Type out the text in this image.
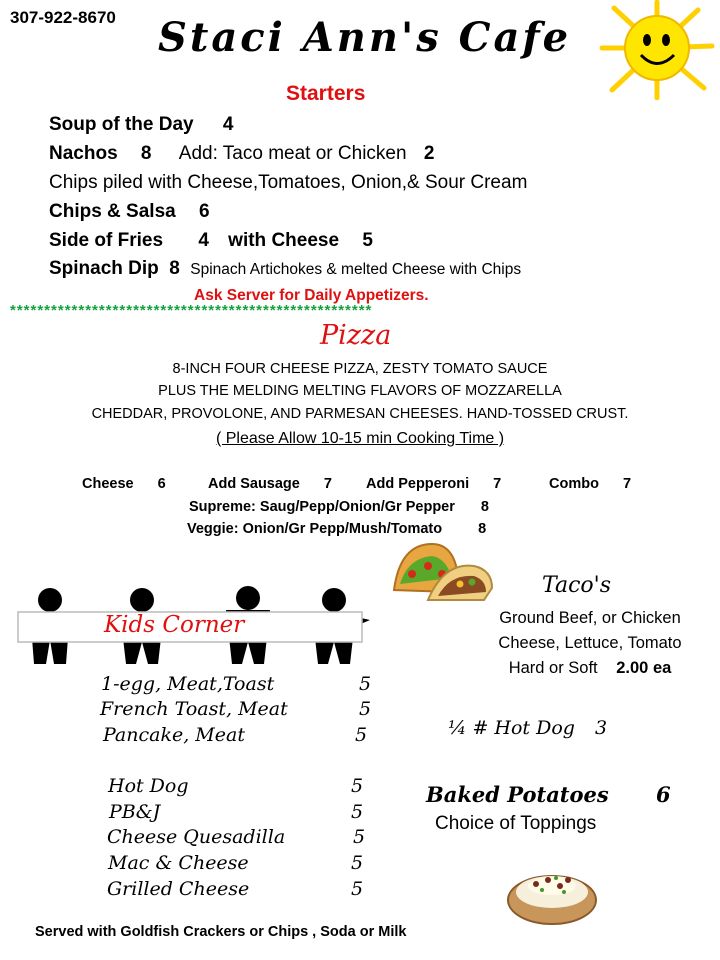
307-922-8670 Staci Ann's Cafe
Starters
Soup of the Day 4
Nachos 8 Add: Taco meat or Chicken 2
Chips piled with Cheese,Tomatoes, Onion,& Sour Cream
Chips & Salsa 6
Side of Fries 4 with Cheese 5
Spinach Dip 8 Spinach Artichokes & melted Cheese with Chips
Ask Server for Daily Appetizers.
*****************************************************
Pizza
8-INCH FOUR CHEESE PIZZA, ZESTY TOMATO SAUCE
PLUS THE MELDING MELTING FLAVORS OF MOZZARELLA
CHEDDAR, PROVOLONE, AND PARMESAN CHEESES. HAND-TOSSED CRUST.
( Please Allow 10-15 min Cooking Time )
Cheese 6	Add Sausage 7 Add Pepperoni 7	Combo 7
Supreme: Saug/Pepp/Onion/Gr Pepper 8
Veggie: Onion/Gr Pepp/Mush/Tomato 8
Taco's
Ground Beef, or Chicken
Cheese, Lettuce, Tomato
Hard or Soft 2.00 ea
Kids Corner
1-egg, Meat,Toast	5
French Toast, Meat	5
Pancake, Meat	5
Hot Dog	5
PB&J	5
Cheese Quesadilla	5
Mac & Cheese	5
Grilled Cheese	5
Served with Goldfish Crackers or Chips , Soda or Milk
¼ # Hot Dog 3
Baked Potatoes 6
Choice of Toppings
